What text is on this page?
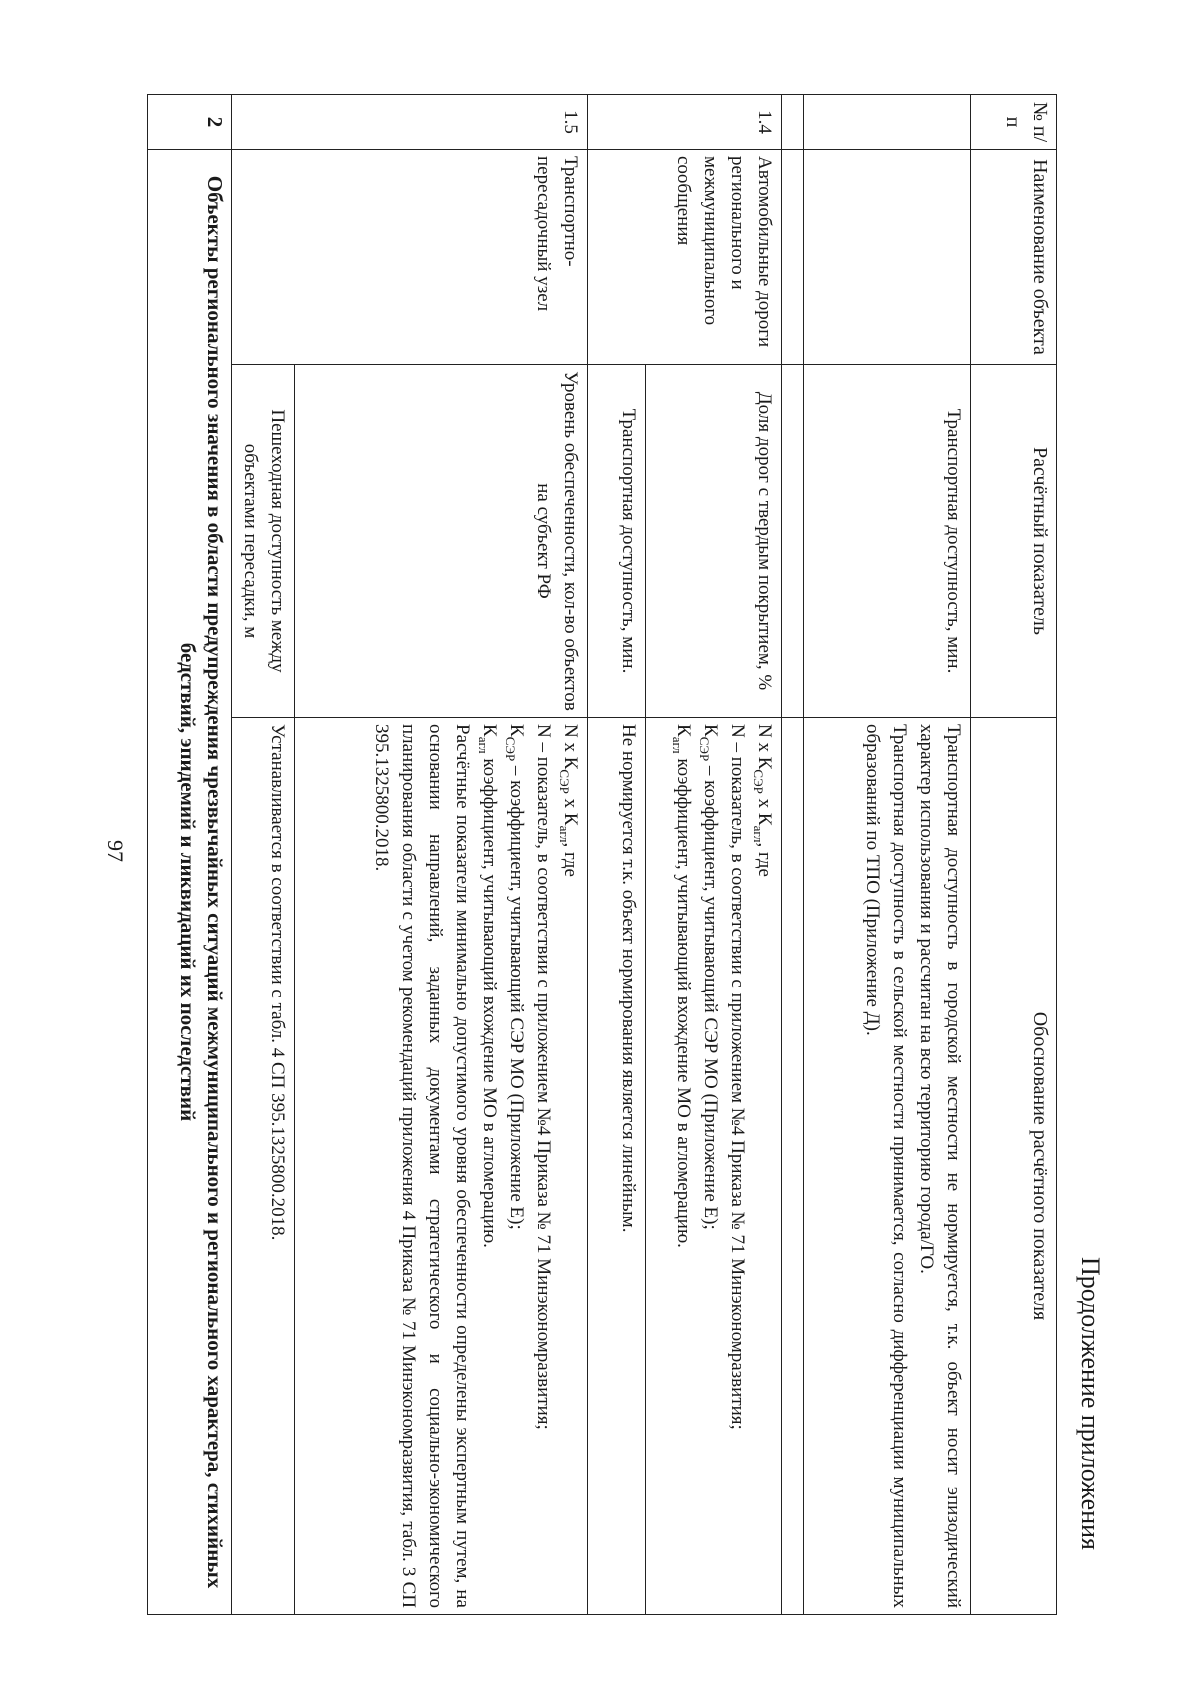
97
Продолжение приложения
№ п/п	Наименование объекта	Расчётный показатель	Обоснование расчётного показателя
		Транспортная доступность, мин.	Транспортная доступность в городской местности не нормируется, т.к. объект носит эпизодический характер использования и рассчитан на всю территорию города/ГО.
Транспортная доступность в сельской местности принимается, согласно дифференциации муниципальных образований по ТПО (Приложение Д).

1.4	Автомобильные дороги регионального и межмуниципального сообщения	Доля дорог с твердым покрытием, %	N х $К_{СЭР}$ х $К_{агл}$, где
N – показатель, в соответствии с приложением №4 Приказа № 71 Минэкономразвития;
$К_{СЭР}$ – коэффициент, учитывающий СЭР МО (Приложение Е);
$К_{агл}$ коэффициент, учитывающий вхождение МО в агломерацию.

		Транспортная доступность, мин.	Не нормируется т.к. объект нормирования является линейным.
1.5	Транспортно-пересадочный узел	Уровень обеспеченности, кол-во объектов на субъект РФ	N х $К_{СЭР}$ х $К_{агл}$, где
N – показатель, в соответствии с приложением №4 Приказа № 71 Минэкономразвития;
$К_{СЭР}$ – коэффициент, учитывающий СЭР МО (Приложение Е);
$К_{агл}$ коэффициент, учитывающий вхождение МО в агломерацию.
Расчётные показатели минимально допустимого уровня обеспеченности определены экспертным путем, на основании направлений, заданных документами стратегического и социально-экономического планирования области с учетом рекомендаций приложения 4 Приказа № 71 Минэкономразвития, табл. 3 СП 395.1325800.2018.

		Пешеходная доступность между объектами пересадки, м	Устанавливается в соответствии с табл. 4 СП 395.1325800.2018.
2	Объекты регионального значения в области предупреждения чрезвычайных ситуаций межмуниципального и регионального характера, стихийных бедствий, эпидемий и ликвидаций их последствий		
